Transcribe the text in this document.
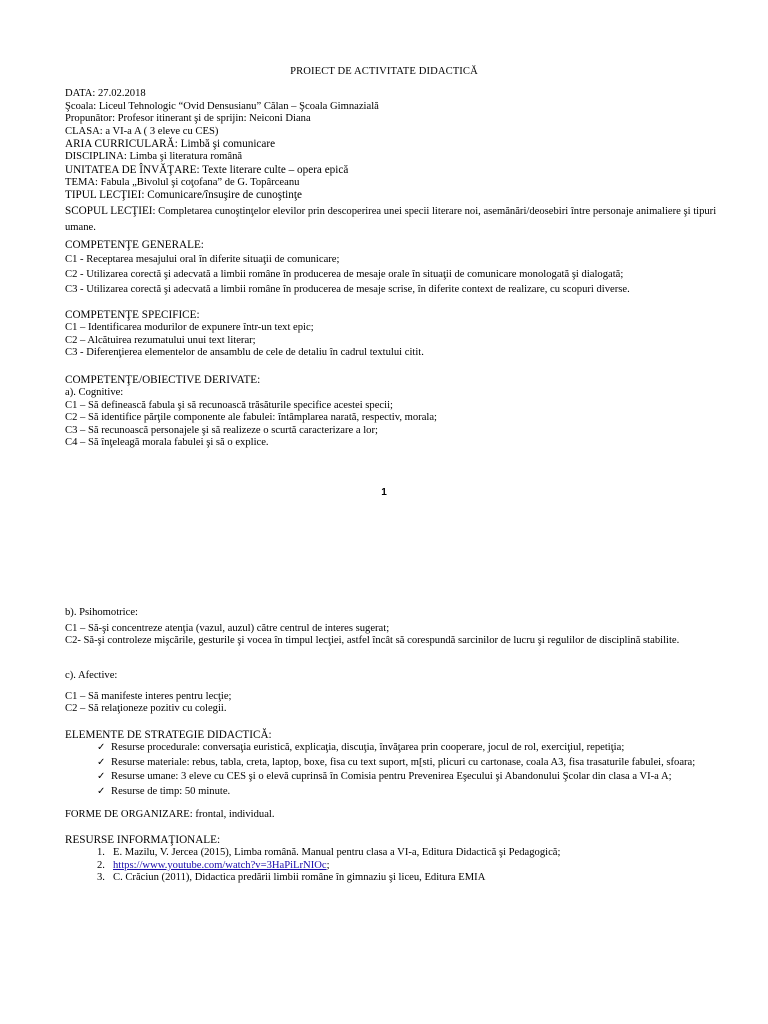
PROIECT DE ACTIVITATE DIDACTICĂ
DATA: 27.02.2018
Şcoala: Liceul Tehnologic “Ovid Densusianu” Călan – Şcoala Gimnazială
Propunător: Profesor itinerant şi de sprijin: Neiconi Diana
CLASA: a VI-a A ( 3 eleve cu CES)
ARIA CURRICULARĂ: Limbă şi comunicare
DISCIPLINA: Limba şi literatura română
UNITATEA DE ÎNVĂŢARE: Texte literare culte – opera epică
TEMA: Fabula „Bivolul şi coţofana” de G. Topârceanu
TIPUL LECŢIEI: Comunicare/însuşire de cunoştinţe
SCOPUL LECŢIEI: Completarea cunoştinţelor elevilor prin descoperirea unei specii literare noi, asemănări/deosebiri între personaje animaliere şi tipuri umane.
COMPETENŢE GENERALE:
C1 - Receptarea mesajului oral în diferite situaţii de comunicare;
C2 - Utilizarea corectă şi adecvată a limbii române în producerea de mesaje orale în situaţii de comunicare monologată şi dialogată;
C3 - Utilizarea corectă şi adecvată a limbii române în producerea de mesaje scrise, în diferite context de realizare, cu scopuri diverse.
COMPETENŢE SPECIFICE:
C1 – Identificarea modurilor de expunere într-un text epic;
C2 – Alcătuirea rezumatului unui text literar;
C3 - Diferenţierea elementelor de ansamblu de cele de detaliu în cadrul textului citit.
COMPETENŢE/OBIECTIVE DERIVATE:
a). Cognitive:
C1 – Să definească fabula şi să recunoască trăsăturile specifice acestei specii;
C2 – Să identifice părţile componente ale fabulei: întâmplarea narată, respectiv, morala;
C3 – Să recunoască personajele şi să realizeze o scurtă caracterizare a lor;
C4 – Să înţeleagă morala fabulei şi să o explice.
1
b). Psihomotrice:
C1 – Să-şi concentreze atenţia (vazul, auzul) către centrul de interes sugerat;
C2- Să-şi controleze mişcările, gesturile şi vocea în timpul lecţiei, astfel încât să corespundă sarcinilor de lucru şi regulilor de disciplină stabilite.
c). Afective:
C1 – Să manifeste interes pentru lecţie;
C2 – Să relaţioneze pozitiv cu colegii.
ELEMENTE DE STRATEGIE DIDACTICĂ:
✓ Resurse procedurale: conversaţia euristică, explicaţia, discuţia, învăţarea prin cooperare, jocul de rol, exerciţiul, repetiţia;
✓ Resurse materiale: rebus, tabla, creta, laptop, boxe, fisa cu text suport, m[sti, plicuri cu cartonase, coala A3, fisa trasaturile fabulei, sfoara;
✓ Resurse umane: 3 eleve cu CES şi o elevă cuprinsă în Comisia pentru Prevenirea Eşecului şi Abandonului Şcolar din clasa a VI-a A;
✓ Resurse de timp: 50 minute.
FORME DE ORGANIZARE: frontal, individual.
RESURSE INFORMAŢIONALE:
1. E. Mazilu, V. Jercea (2015), Limba română. Manual pentru clasa a VI-a, Editura Didactică şi Pedagogică;
2. https://www.youtube.com/watch?v=3HaPiLrNIOc;
3. C. Crăciun (2011), Didactica predării limbii române în gimnaziu şi liceu, Editura EMIA
